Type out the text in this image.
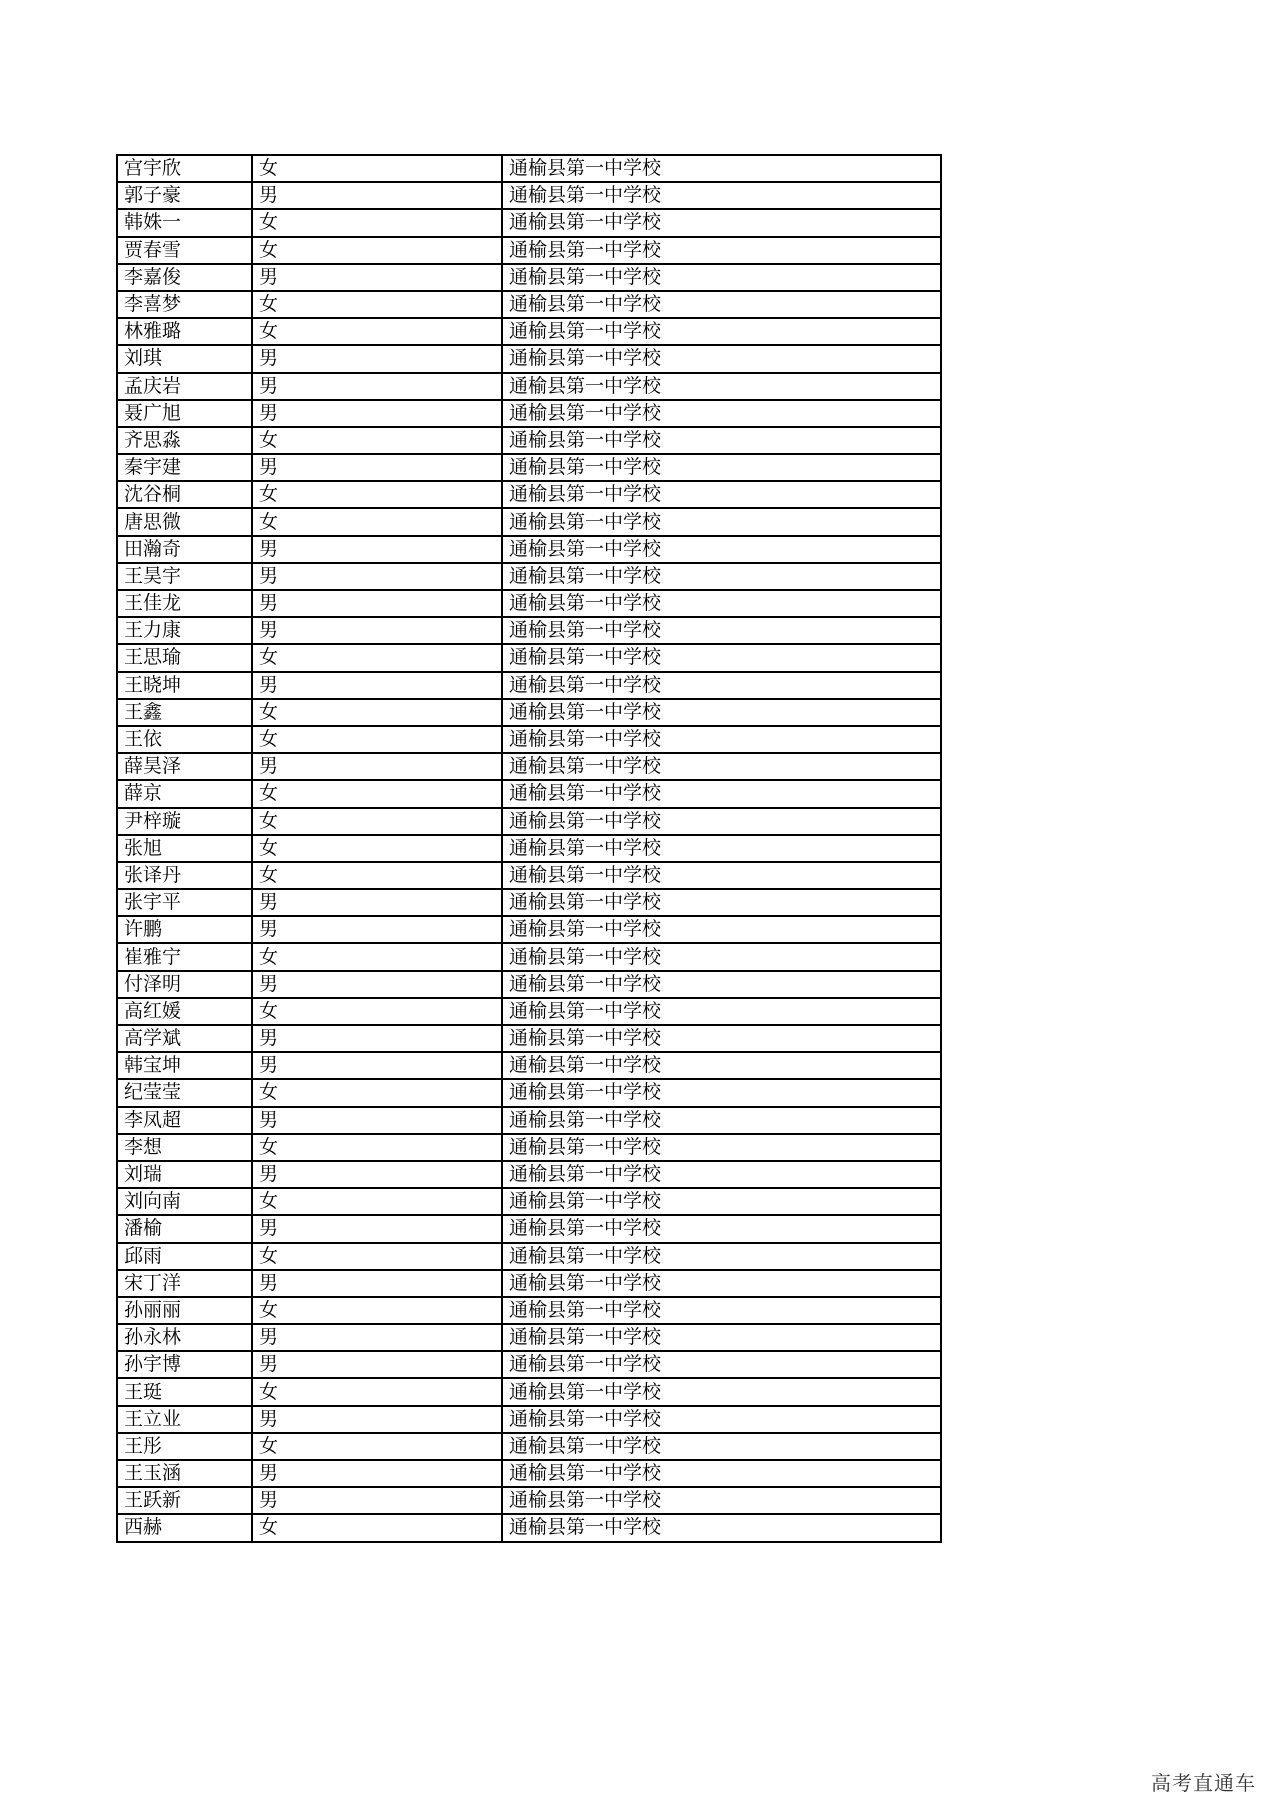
宫宇欣	女	通榆县第一中学校
郭子豪	男	通榆县第一中学校
韩姝一	女	通榆县第一中学校
贾春雪	女	通榆县第一中学校
李嘉俊	男	通榆县第一中学校
李喜梦	女	通榆县第一中学校
林雅璐	女	通榆县第一中学校
刘琪	男	通榆县第一中学校
孟庆岩	男	通榆县第一中学校
聂广旭	男	通榆县第一中学校
齐思淼	女	通榆县第一中学校
秦宇建	男	通榆县第一中学校
沈谷桐	女	通榆县第一中学校
唐思微	女	通榆县第一中学校
田瀚奇	男	通榆县第一中学校
王昊宇	男	通榆县第一中学校
王佳龙	男	通榆县第一中学校
王力康	男	通榆县第一中学校
王思瑜	女	通榆县第一中学校
王晓坤	男	通榆县第一中学校
王鑫	女	通榆县第一中学校
王依	女	通榆县第一中学校
薛昊泽	男	通榆县第一中学校
薛京	女	通榆县第一中学校
尹梓璇	女	通榆县第一中学校
张旭	女	通榆县第一中学校
张译丹	女	通榆县第一中学校
张宇平	男	通榆县第一中学校
许鹏	男	通榆县第一中学校
崔雅宁	女	通榆县第一中学校
付泽明	男	通榆县第一中学校
高红媛	女	通榆县第一中学校
高学斌	男	通榆县第一中学校
韩宝坤	男	通榆县第一中学校
纪莹莹	女	通榆县第一中学校
李凤超	男	通榆县第一中学校
李想	女	通榆县第一中学校
刘瑞	男	通榆县第一中学校
刘向南	女	通榆县第一中学校
潘榆	男	通榆县第一中学校
邱雨	女	通榆县第一中学校
宋丁洋	男	通榆县第一中学校
孙丽丽	女	通榆县第一中学校
孙永林	男	通榆县第一中学校
孙宇博	男	通榆县第一中学校
王珽	女	通榆县第一中学校
王立业	男	通榆县第一中学校
王彤	女	通榆县第一中学校
王玉涵	男	通榆县第一中学校
王跃新	男	通榆县第一中学校
西赫	女	通榆县第一中学校
高考直通车
